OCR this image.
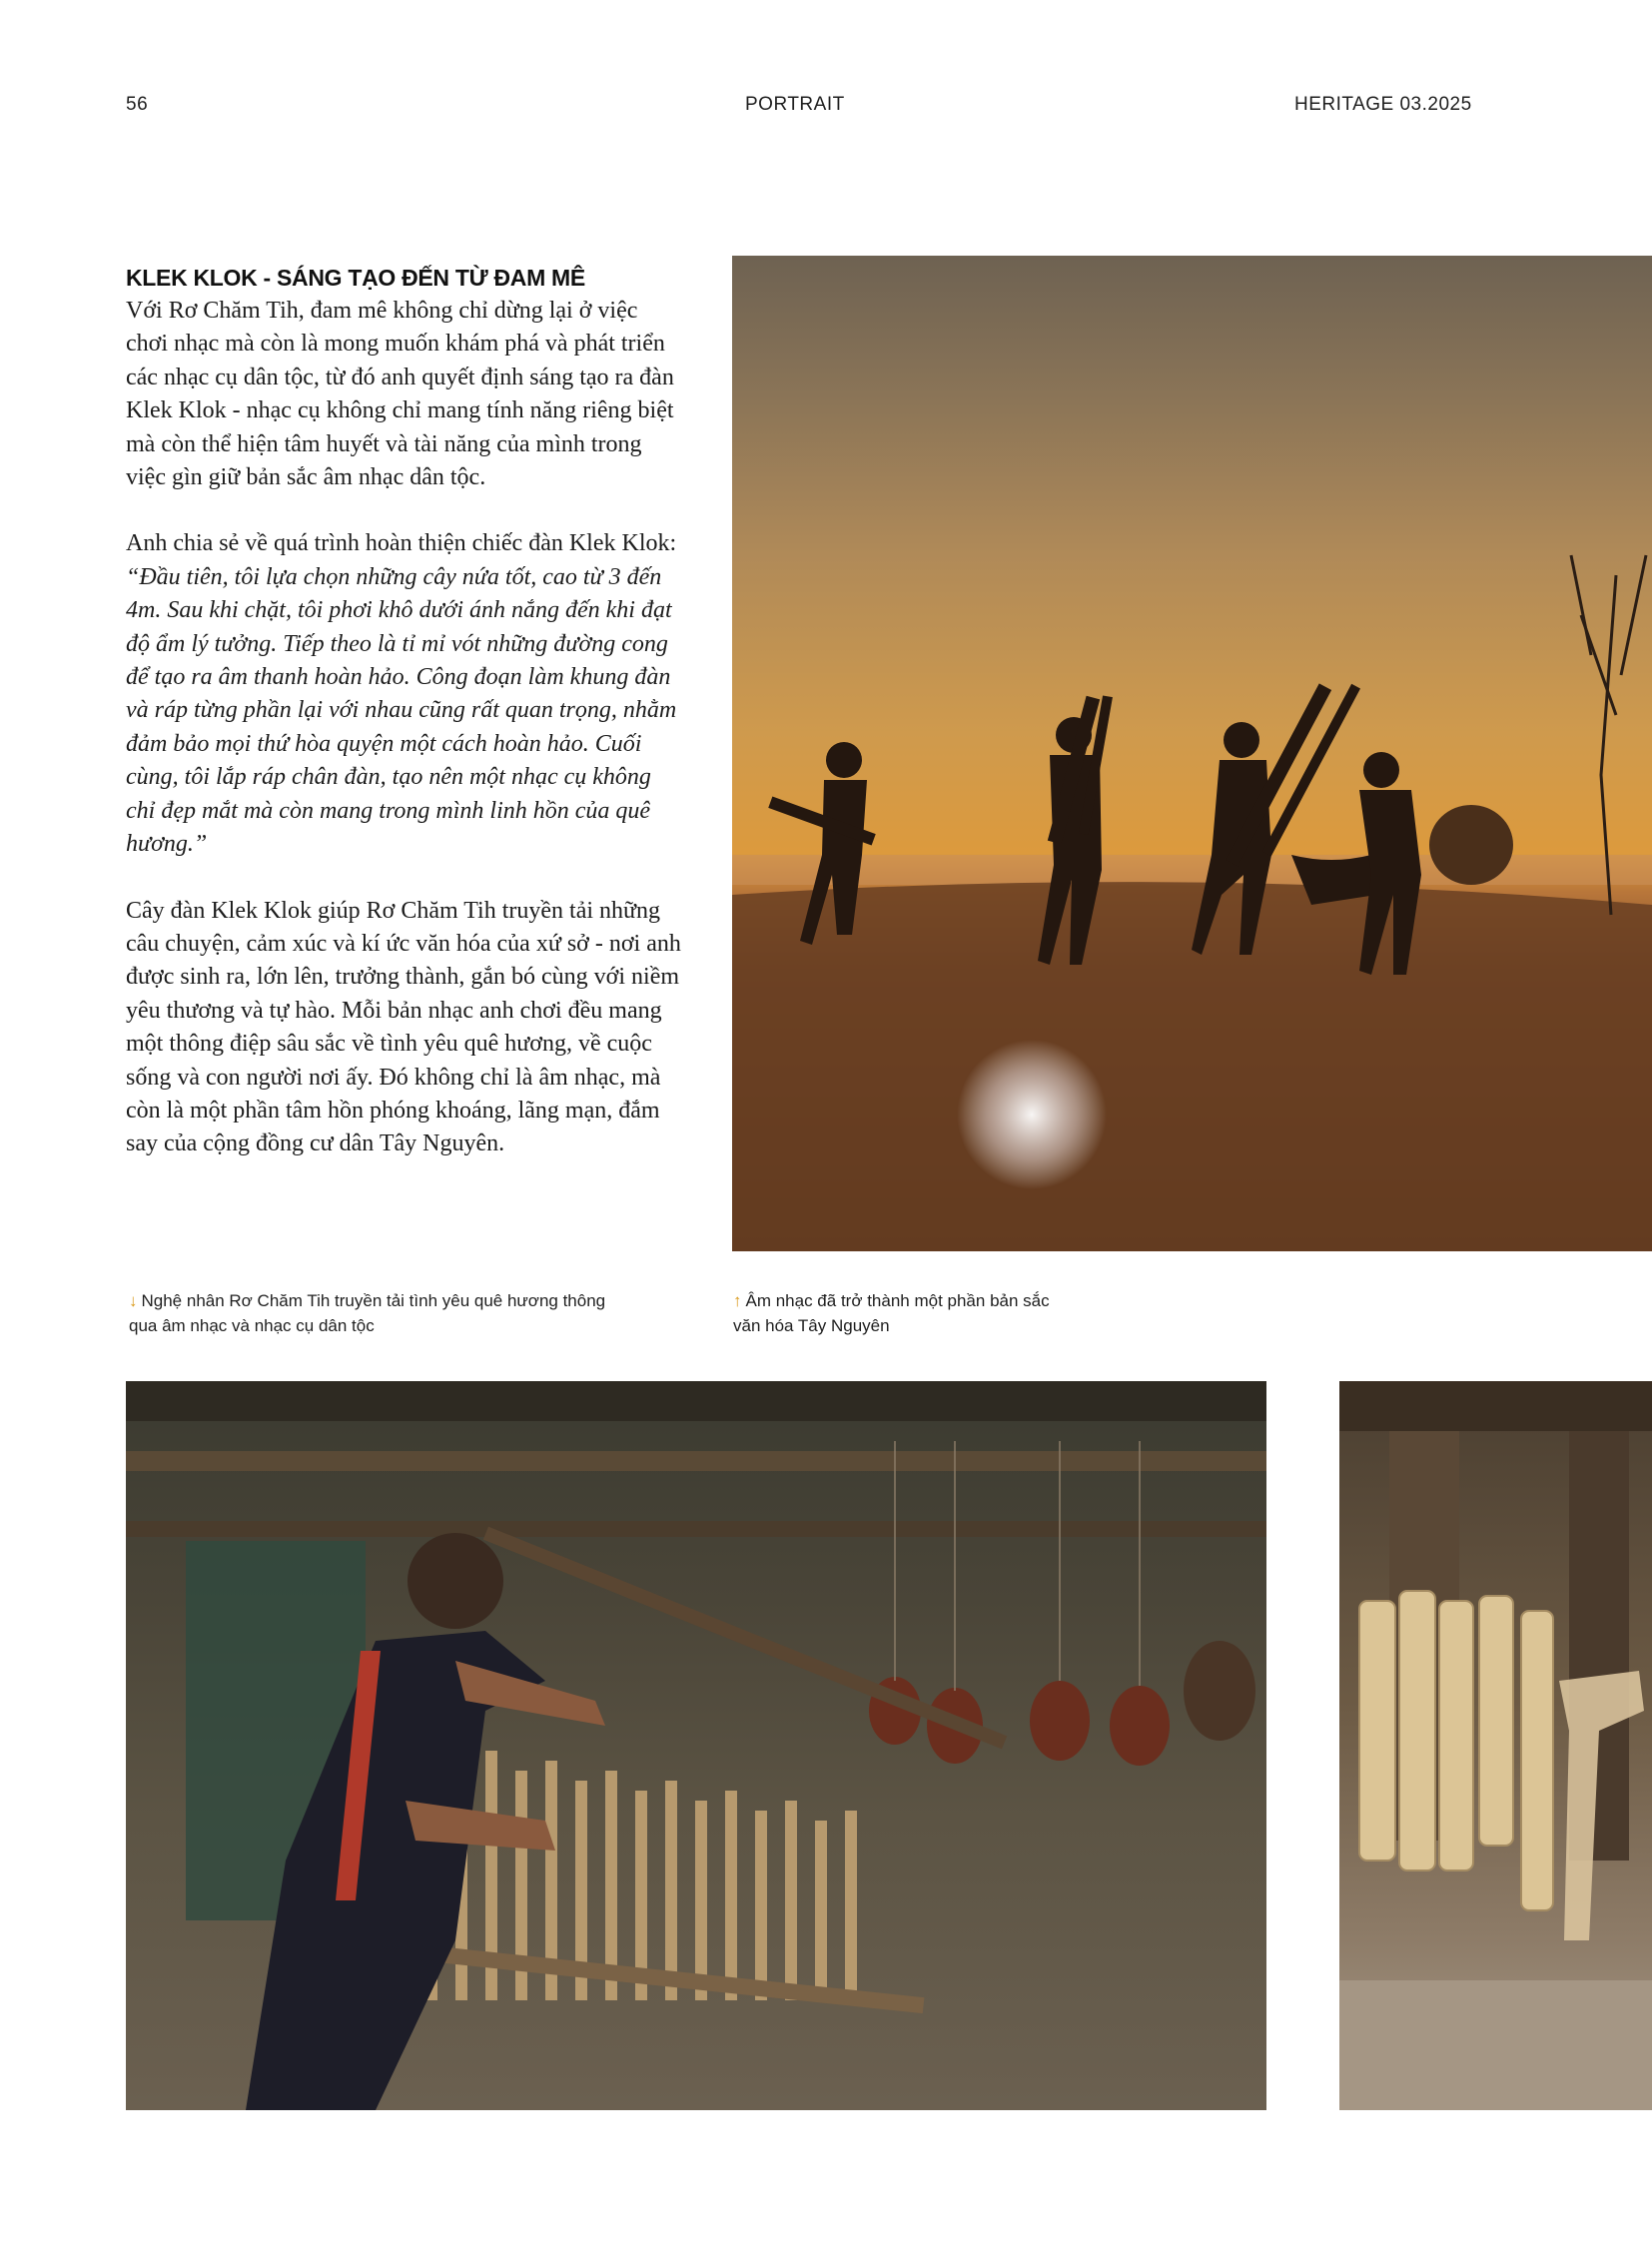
56	PORTRAIT	HERITAGE 03.2025
KLEK KLOK - SÁNG TẠO ĐẾN TỪ ĐAM MÊ

Với Rơ Chăm Tih, đam mê không chỉ dừng lại ở việc chơi nhạc mà còn là mong muốn khám phá và phát triển các nhạc cụ dân tộc, từ đó anh quyết định sáng tạo ra đàn Klek Klok - nhạc cụ không chỉ mang tính năng riêng biệt mà còn thể hiện tâm huyết và tài năng của mình trong việc gìn giữ bản sắc âm nhạc dân tộc.

Anh chia sẻ về quá trình hoàn thiện chiếc đàn Klek Klok: “Đầu tiên, tôi lựa chọn những cây nứa tốt, cao từ 3 đến 4m. Sau khi chặt, tôi phơi khô dưới ánh nắng đến khi đạt độ ẩm lý tưởng. Tiếp theo là tỉ mỉ vót những đường cong để tạo ra âm thanh hoàn hảo. Công đoạn làm khung đàn và ráp từng phần lại với nhau cũng rất quan trọng, nhằm đảm bảo mọi thứ hòa quyện một cách hoàn hảo. Cuối cùng, tôi lắp ráp chân đàn, tạo nên một nhạc cụ không chỉ đẹp mắt mà còn mang trong mình linh hồn của quê hương.”

Cây đàn Klek Klok giúp Rơ Chăm Tih truyền tải những câu chuyện, cảm xúc và kí ức văn hóa của xứ sở - nơi anh được sinh ra, lớn lên, trưởng thành, gắn bó cùng với niềm yêu thương và tự hào. Mỗi bản nhạc anh chơi đều mang một thông điệp sâu sắc về tình yêu quê hương, về cuộc sống và con người nơi ấy. Đó không chỉ là âm nhạc, mà còn là một phần tâm hồn phóng khoáng, lãng mạn, đắm say của cộng đồng cư dân Tây Nguyên.

↓ Nghệ nhân Rơ Chăm Tih truyền tải tình yêu quê hương thông qua âm nhạc và nhạc cụ dân tộc
↑ Âm nhạc đã trở thành một phần bản sắc văn hóa Tây Nguyên
